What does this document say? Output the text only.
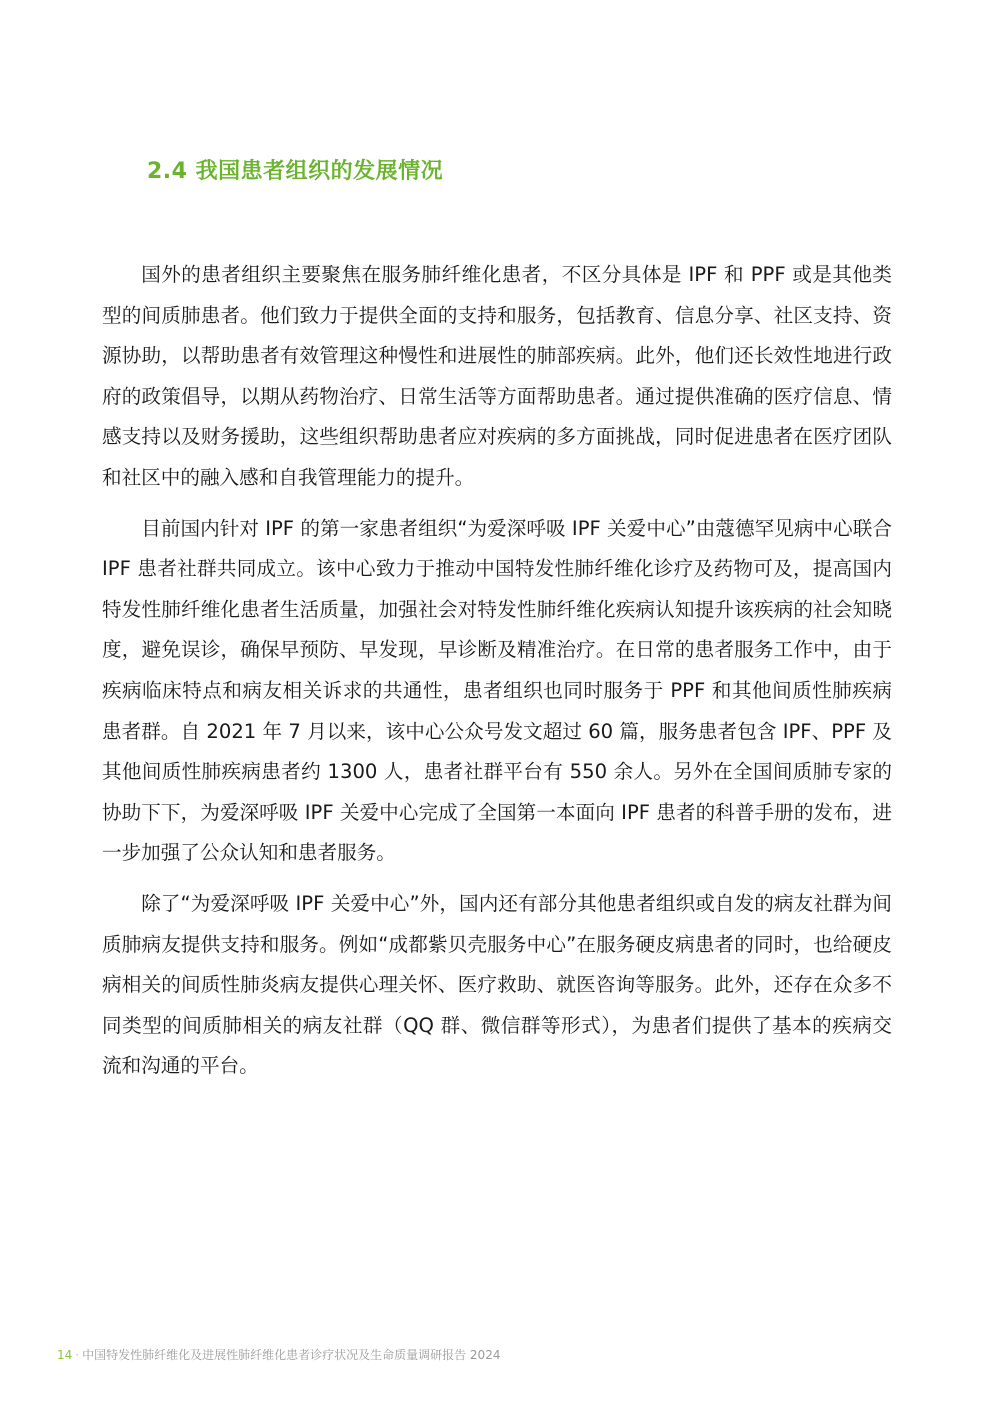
2.4 我国患者组织的发展情况

国外的患者组织主要聚焦在服务肺纤维化患者，不区分具体是 IPF 和 PPF 或是其他类型的间质肺患者。他们致力于提供全面的支持和服务，包括教育、信息分享、社区支持、资源协助，以帮助患者有效管理这种慢性和进展性的肺部疾病。此外，他们还长效性地进行政府的政策倡导，以期从药物治疗、日常生活等方面帮助患者。通过提供准确的医疗信息、情感支持以及财务援助，这些组织帮助患者应对疾病的多方面挑战，同时促进患者在医疗团队和社区中的融入感和自我管理能力的提升。

目前国内针对 IPF 的第一家患者组织“为爱深呼吸 IPF 关爱中心”由蔻德罕见病中心联合 IPF 患者社群共同成立。该中心致力于推动中国特发性肺纤维化诊疗及药物可及，提高国内特发性肺纤维化患者生活质量，加强社会对特发性肺纤维化疾病认知提升该疾病的社会知晓度，避免误诊，确保早预防、早发现，早诊断及精准治疗。在日常的患者服务工作中，由于疾病临床特点和病友相关诉求的共通性，患者组织也同时服务于 PPF 和其他间质性肺疾病患者群。自 2021 年 7 月以来，该中心公众号发文超过 60 篇，服务患者包含 IPF、PPF 及其他间质性肺疾病患者约 1300 人，患者社群平台有 550 余人。另外在全国间质肺专家的协助下下，为爱深呼吸 IPF 关爱中心完成了全国第一本面向 IPF 患者的科普手册的发布，进一步加强了公众认知和患者服务。

除了“为爱深呼吸 IPF 关爱中心”外，国内还有部分其他患者组织或自发的病友社群为间质肺病友提供支持和服务。例如“成都紫贝壳服务中心”在服务硬皮病患者的同时，也给硬皮病相关的间质性肺炎病友提供心理关怀、医疗救助、就医咨询等服务。此外，还存在众多不同类型的间质肺相关的病友社群（QQ 群、微信群等形式），为患者们提供了基本的疾病交流和沟通的平台。

14 · 中国特发性肺纤维化及进展性肺纤维化患者诊疗状况及生命质量调研报告 2024
